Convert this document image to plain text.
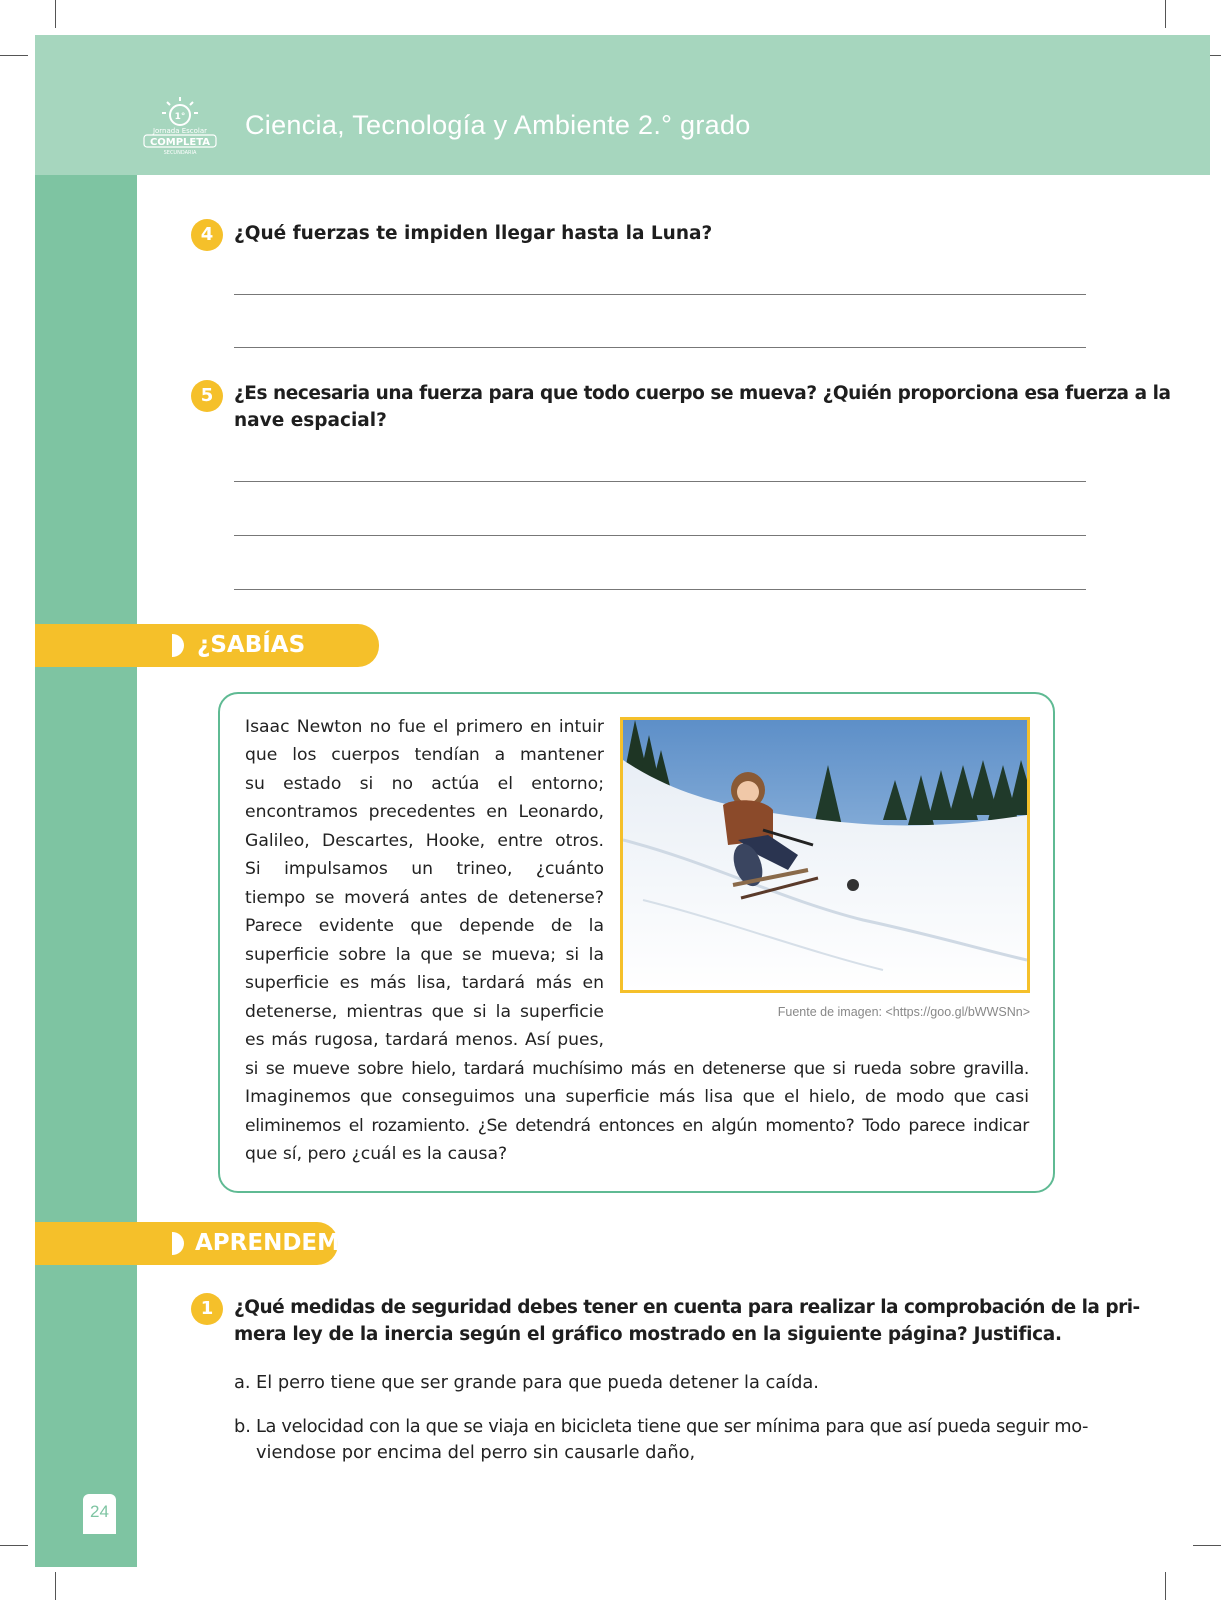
1°
Jornada Escolar
COMPLETA
SECUNDARIA
Ciencia, Tecnología y Ambiente 2.° grado
4	¿Qué fuerzas te impiden llegar hasta la Luna?
5	¿Es necesaria una fuerza para que todo cuerpo se mueva? ¿Quién proporciona esa fuerza a la
nave espacial?
¿SABÍAS QUE...?
Isaac Newton no fue el primero en intuir
que los cuerpos tendían a mantener
su estado si no actúa el entorno;
encontramos precedentes en Leonardo,
Galileo, Descartes, Hooke, entre otros.
Si impulsamos un trineo, ¿cuánto
tiempo se moverá antes de detenerse?
Parece evidente que depende de la
superficie sobre la que se mueva; si la
superficie es más lisa, tardará más en
detenerse, mientras que si la superficie
es más rugosa, tardará menos. Así pues,
si se mueve sobre hielo, tardará muchísimo más en detenerse que si rueda sobre gravilla.
Imaginemos que conseguimos una superficie más lisa que el hielo, de modo que casi
eliminemos el rozamiento. ¿Se detendrá entonces en algún momento? Todo parece indicar
que sí, pero ¿cuál es la causa?
Fuente de imagen: <https://goo.gl/bWWSNn>
APRENDEMOS
1	¿Qué medidas de seguridad debes tener en cuenta para realizar la comprobación de la pri-
mera ley de la inercia según el gráfico mostrado en la siguiente página? Justifica.
a. El perro tiene que ser grande para que pueda detener la caída.
b. La velocidad con la que se viaja en bicicleta tiene que ser mínima para que así pueda seguir mo-
viendose por encima del perro sin causarle daño,
24
